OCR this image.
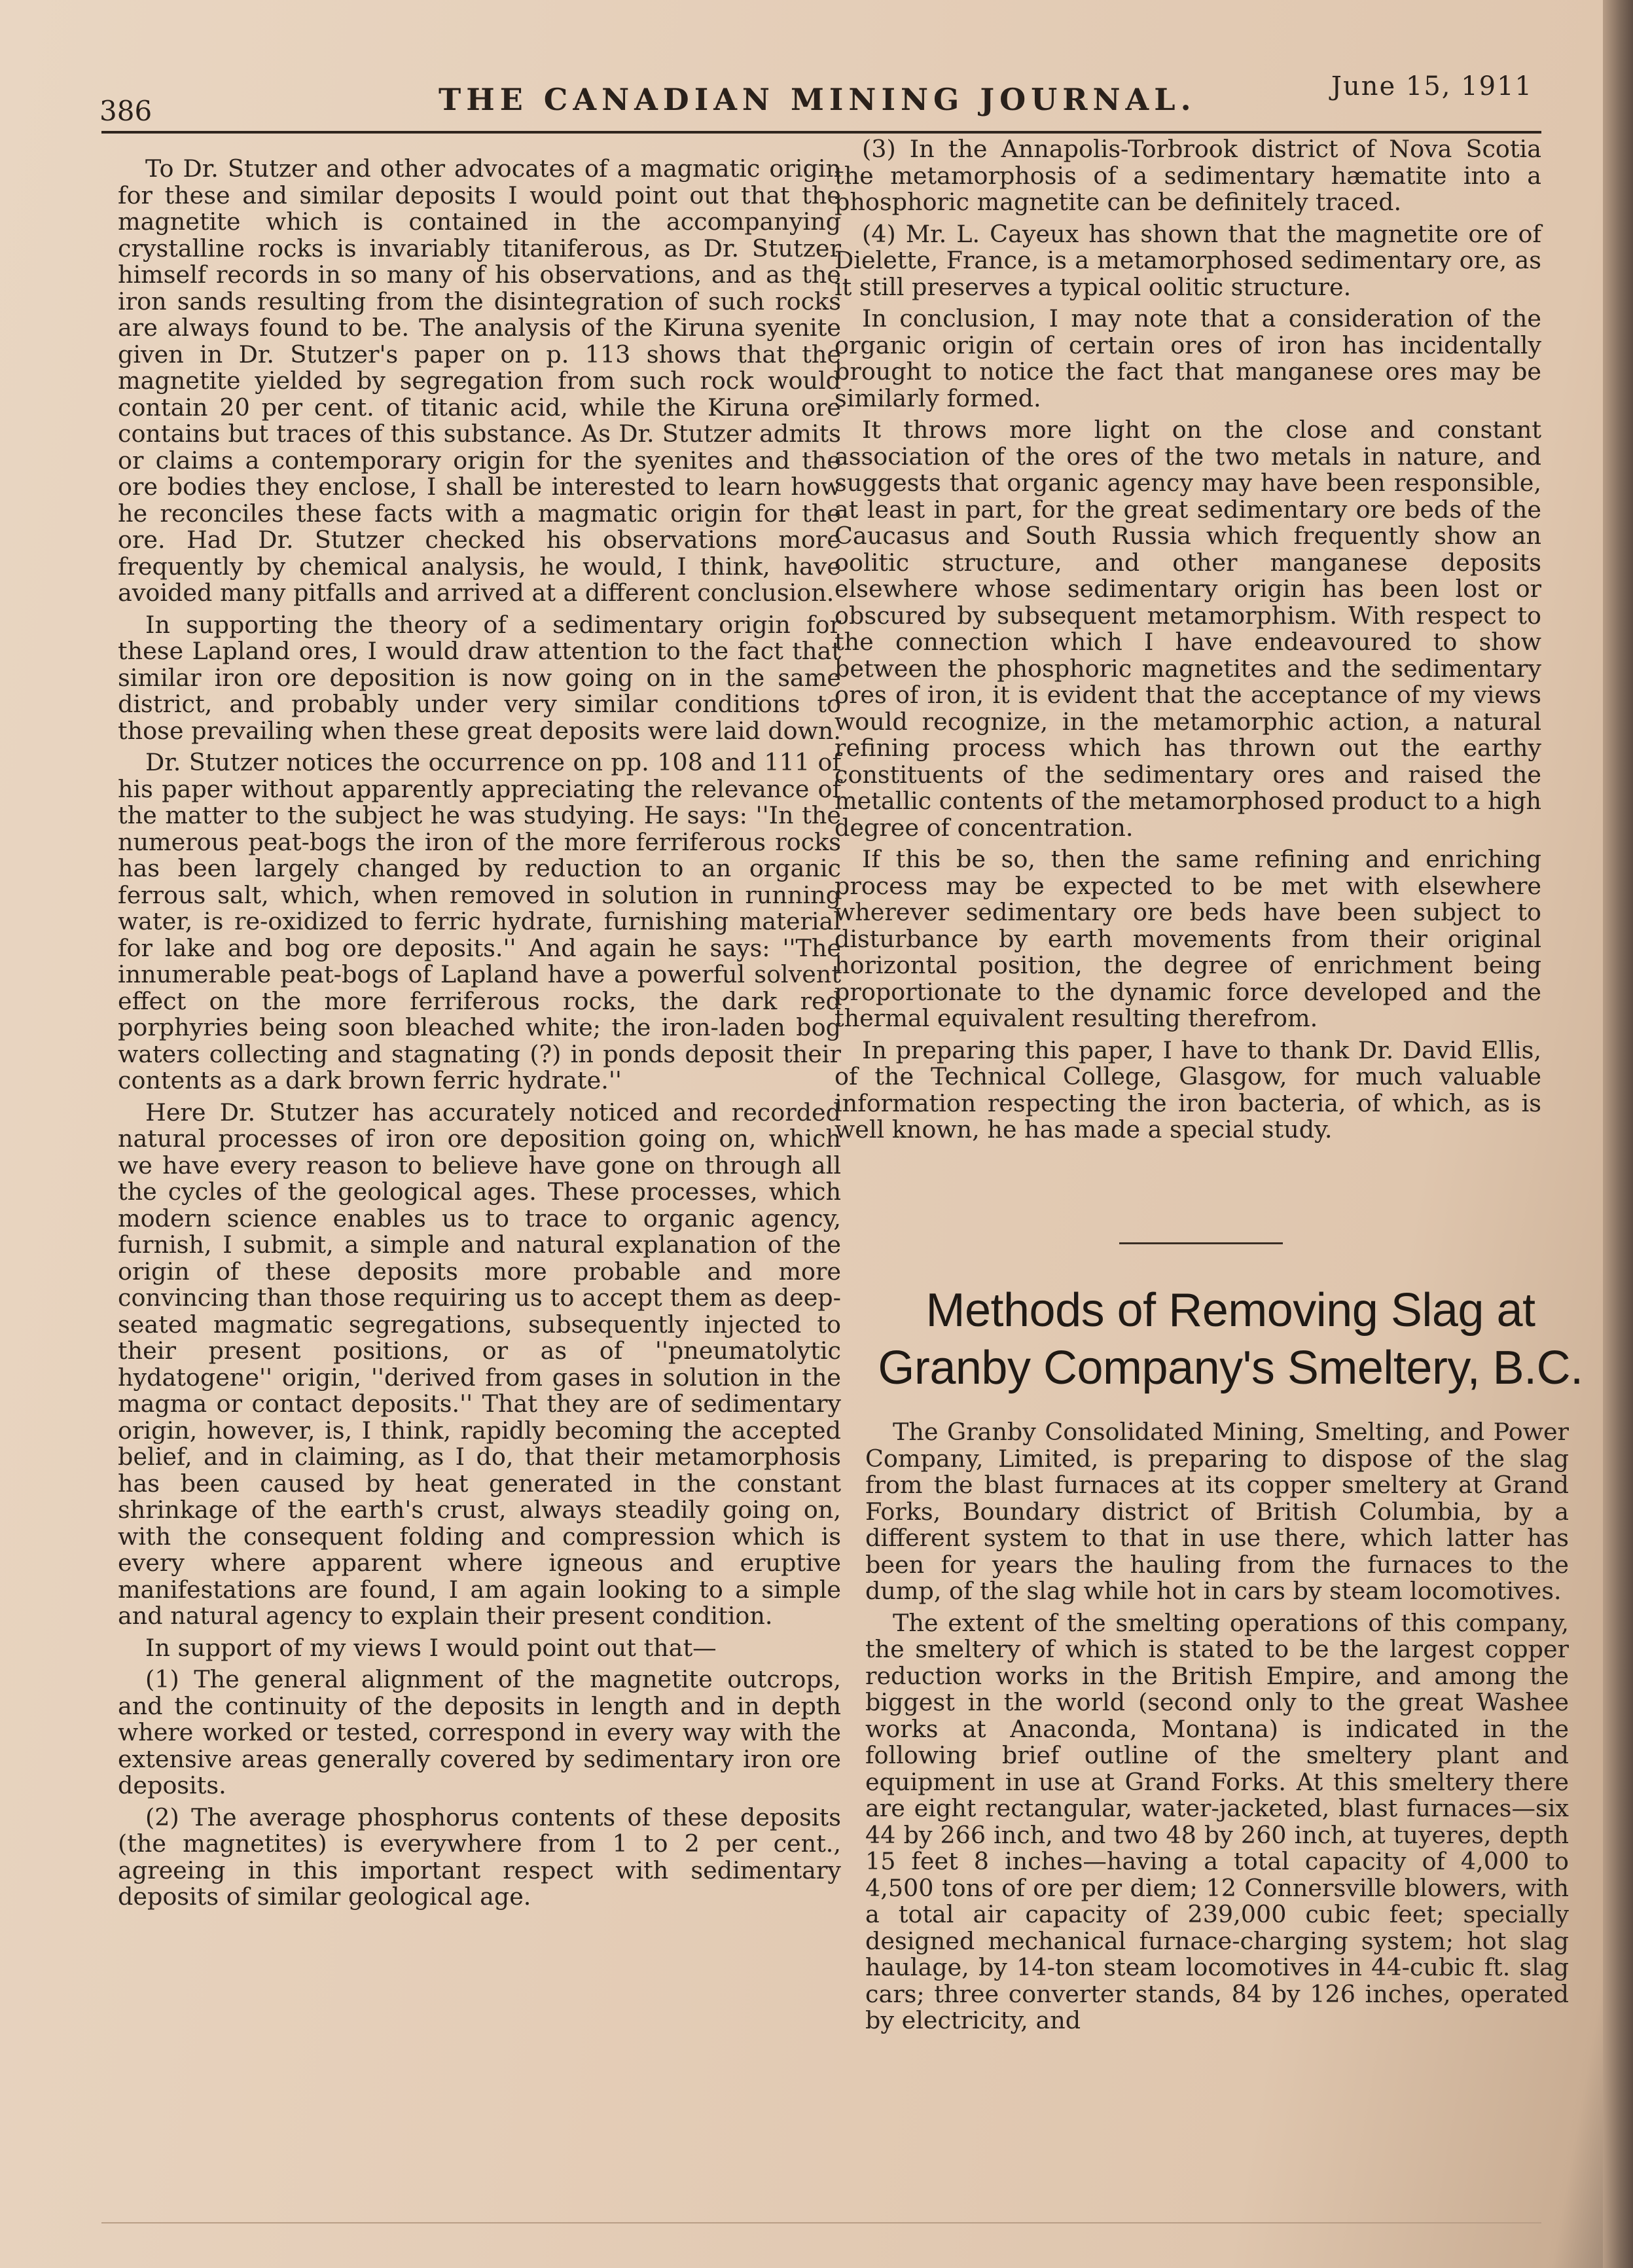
386	THE CANADIAN MINING JOURNAL.	June 15, 1911

To Dr. Stutzer and other advocates of a magmatic origin for these and similar deposits I would point out that the magnetite which is contained in the accompanying crystalline rocks is invariably titaniferous, as Dr. Stutzer himself records in so many of his observations, and as the iron sands resulting from the disintegration of such rocks are always found to be. The analysis of the Kiruna syenite given in Dr. Stutzer's paper on p. 113 shows that the magnetite yielded by segregation from such rock would contain 20 per cent. of titanic acid, while the Kiruna ore contains but traces of this substance. As Dr. Stutzer admits or claims a contemporary origin for the syenites and the ore bodies they enclose, I shall be interested to learn how he reconciles these facts with a magmatic origin for the ore. Had Dr. Stutzer checked his observations more frequently by chemical analysis, he would, I think, have avoided many pitfalls and arrived at a different conclusion.

In supporting the theory of a sedimentary origin for these Lapland ores, I would draw attention to the fact that similar iron ore deposition is now going on in the same district, and probably under very similar conditions to those prevailing when these great deposits were laid down.

Dr. Stutzer notices the occurrence on pp. 108 and 111 of his paper without apparently appreciating the relevance of the matter to the subject he was studying. He says: ''In the numerous peat-bogs the iron of the more ferriferous rocks has been largely changed by reduction to an organic ferrous salt, which, when removed in solution in running water, is re-oxidized to ferric hydrate, furnishing material for lake and bog ore deposits.'' And again he says: ''The innumerable peat-bogs of Lapland have a powerful solvent effect on the more ferriferous rocks, the dark red porphyries being soon bleached white; the iron-laden bog waters collecting and stagnating (?) in ponds deposit their contents as a dark brown ferric hydrate.''

Here Dr. Stutzer has accurately noticed and recorded natural processes of iron ore deposition going on, which we have every reason to believe have gone on through all the cycles of the geological ages. These processes, which modern science enables us to trace to organic agency, furnish, I submit, a simple and natural explanation of the origin of these deposits more probable and more convincing than those requiring us to accept them as deep-seated magmatic segregations, subsequently injected to their present positions, or as of ''pneumatolytic hydatogene'' origin, ''derived from gases in solution in the magma or contact deposits.'' That they are of sedimentary origin, however, is, I think, rapidly becoming the accepted belief, and in claiming, as I do, that their metamorphosis has been caused by heat generated in the constant shrinkage of the earth's crust, always steadily going on, with the consequent folding and compression which is every where apparent where igneous and eruptive manifestations are found, I am again looking to a simple and natural agency to explain their present condition.

In support of my views I would point out that—

(1) The general alignment of the magnetite outcrops, and the continuity of the deposits in length and in depth where worked or tested, correspond in every way with the extensive areas generally covered by sedimentary iron ore deposits.

(2) The average phosphorus contents of these deposits (the magnetites) is everywhere from 1 to 2 per cent., agreeing in this important respect with sedimentary deposits of similar geological age.

(3) In the Annapolis-Torbrook district of Nova Scotia the metamorphosis of a sedimentary hæmatite into a phosphoric magnetite can be definitely traced.

(4) Mr. L. Cayeux has shown that the magnetite ore of Dielette, France, is a metamorphosed sedimentary ore, as it still preserves a typical oolitic structure.

In conclusion, I may note that a consideration of the organic origin of certain ores of iron has incidentally brought to notice the fact that manganese ores may be similarly formed.

It throws more light on the close and constant association of the ores of the two metals in nature, and suggests that organic agency may have been responsible, at least in part, for the great sedimentary ore beds of the Caucasus and South Russia which frequently show an oolitic structure, and other manganese deposits elsewhere whose sedimentary origin has been lost or obscured by subsequent metamorphism. With respect to the connection which I have endeavoured to show between the phosphoric magnetites and the sedimentary ores of iron, it is evident that the acceptance of my views would recognize, in the metamorphic action, a natural refining process which has thrown out the earthy constituents of the sedimentary ores and raised the metallic contents of the metamorphosed product to a high degree of concentration.

If this be so, then the same refining and enriching process may be expected to be met with elsewhere wherever sedimentary ore beds have been subject to disturbance by earth movements from their original horizontal position, the degree of enrichment being proportionate to the dynamic force developed and the thermal equivalent resulting therefrom.

In preparing this paper, I have to thank Dr. David Ellis, of the Technical College, Glasgow, for much valuable information respecting the iron bacteria, of which, as is well known, he has made a special study.

Methods of Removing Slag at Granby Company's Smeltery, B.C.

The Granby Consolidated Mining, Smelting, and Power Company, Limited, is preparing to dispose of the slag from the blast furnaces at its copper smeltery at Grand Forks, Boundary district of British Columbia, by a different system to that in use there, which latter has been for years the hauling from the furnaces to the dump, of the slag while hot in cars by steam locomotives.

The extent of the smelting operations of this company, the smeltery of which is stated to be the largest copper reduction works in the British Empire, and among the biggest in the world (second only to the great Washee works at Anaconda, Montana) is indicated in the following brief outline of the smeltery plant and equipment in use at Grand Forks. At this smeltery there are eight rectangular, water-jacketed, blast furnaces—six 44 by 266 inch, and two 48 by 260 inch, at tuyeres, depth 15 feet 8 inches—having a total capacity of 4,000 to 4,500 tons of ore per diem; 12 Connersville blowers, with a total air capacity of 239,000 cubic feet; specially designed mechanical furnace-charging system; hot slag haulage, by 14-ton steam locomotives in 44-cubic ft. slag cars; three converter stands, 84 by 126 inches, operated by electricity, and
